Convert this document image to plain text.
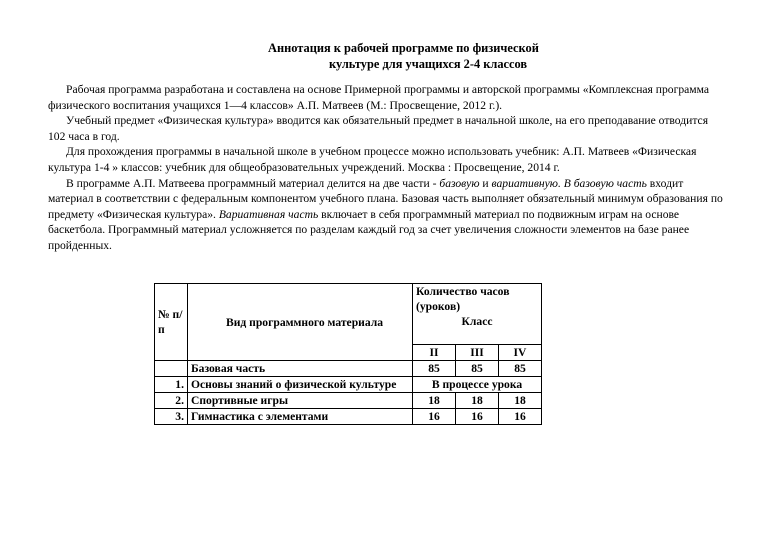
Аннотация к рабочей программе по физической
культуре для учащихся 2-4 классов

Рабочая программа разработана и составлена на основе Примерной программы и авторской программы «Комплексная программа физического воспитания учащихся 1—4 классов» А.П. Матвеев (М.: Просвещение, 2012 г.).

Учебный предмет «Физическая культура» вводится как обязательный предмет в начальной школе, на его преподавание отводится 102 часа в год.

Для прохождения программы в начальной школе в учебном процессе можно использовать учебник: А.П. Матвеев «Физическая культура 1-4 » классов: учебник для общеобразовательных учреждений. Москва : Просвещение, 2014 г.

В программе А.П. Матвеева программный материал делится на две части - базовую и вариативную. В базовую часть входит материал в соответствии с федеральным компонентом учебного плана. Базовая часть выполняет обязательный минимум образования по предмету «Физическая культура». Вариативная часть включает в себя программный материал по подвижным играм на основе баскетбола. Программный материал усложняется по разделам каждый год за счет увеличения сложности элементов на базе ранее пройденных.

№ п/п	Вид программного материала	Количество часов (уроков)		
		Класс		
		II	III	IV
	Базовая часть	85	85	85
1.	Основы знаний о физической культуре	В процессе урока		
2.	Спортивные игры	18	18	18
3.	Гимнастика с элементами	16	16	16
